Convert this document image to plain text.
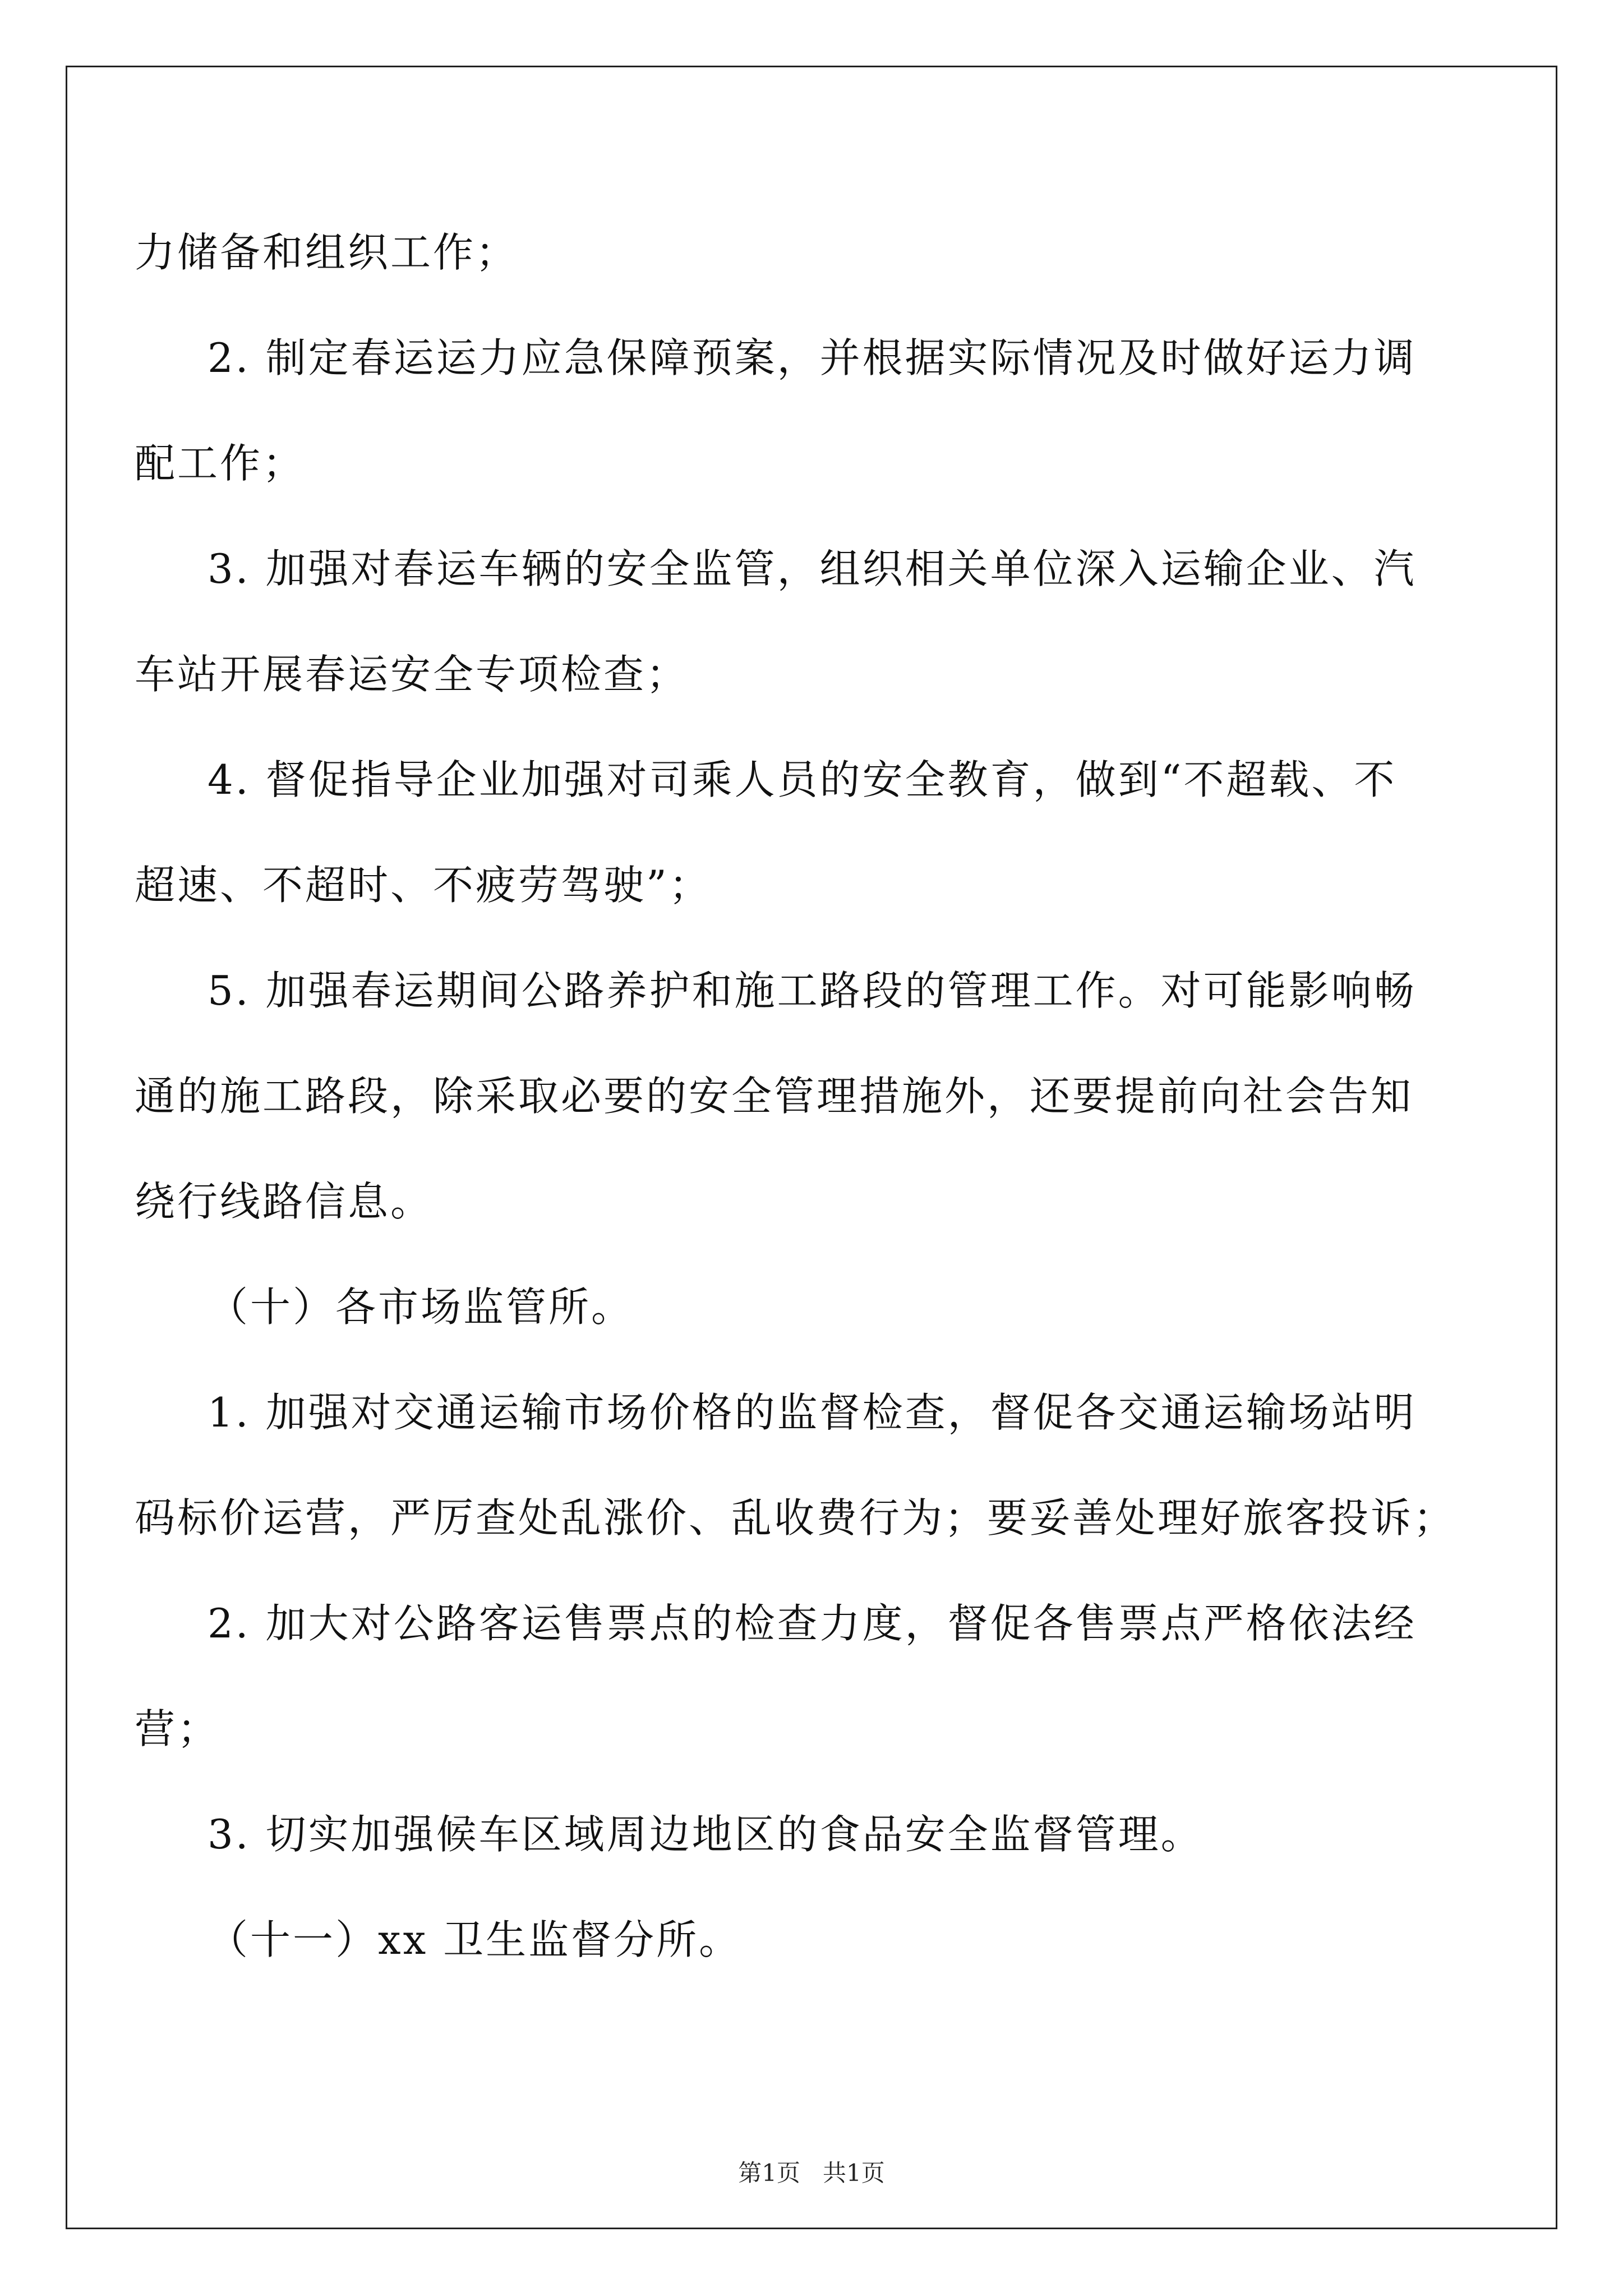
力储备和组织工作；
2. 制定春运运力应急保障预案，并根据实际情况及时做好运力调
配工作；
3. 加强对春运车辆的安全监管，组织相关单位深入运输企业、汽
车站开展春运安全专项检查；
4. 督促指导企业加强对司乘人员的安全教育，做到“不超载、不
超速、不超时、不疲劳驾驶”；
5. 加强春运期间公路养护和施工路段的管理工作。对可能影响畅
通的施工路段，除采取必要的安全管理措施外，还要提前向社会告知
绕行线路信息。
（十）各市场监管所。
1. 加强对交通运输市场价格的监督检查，督促各交通运输场站明
码标价运营，严厉查处乱涨价、乱收费行为；要妥善处理好旅客投诉；
2. 加大对公路客运售票点的检查力度，督促各售票点严格依法经
营；
3. 切实加强候车区域周边地区的食品安全监督管理。
（十一）xx 卫生监督分所。
第1页   共1页
